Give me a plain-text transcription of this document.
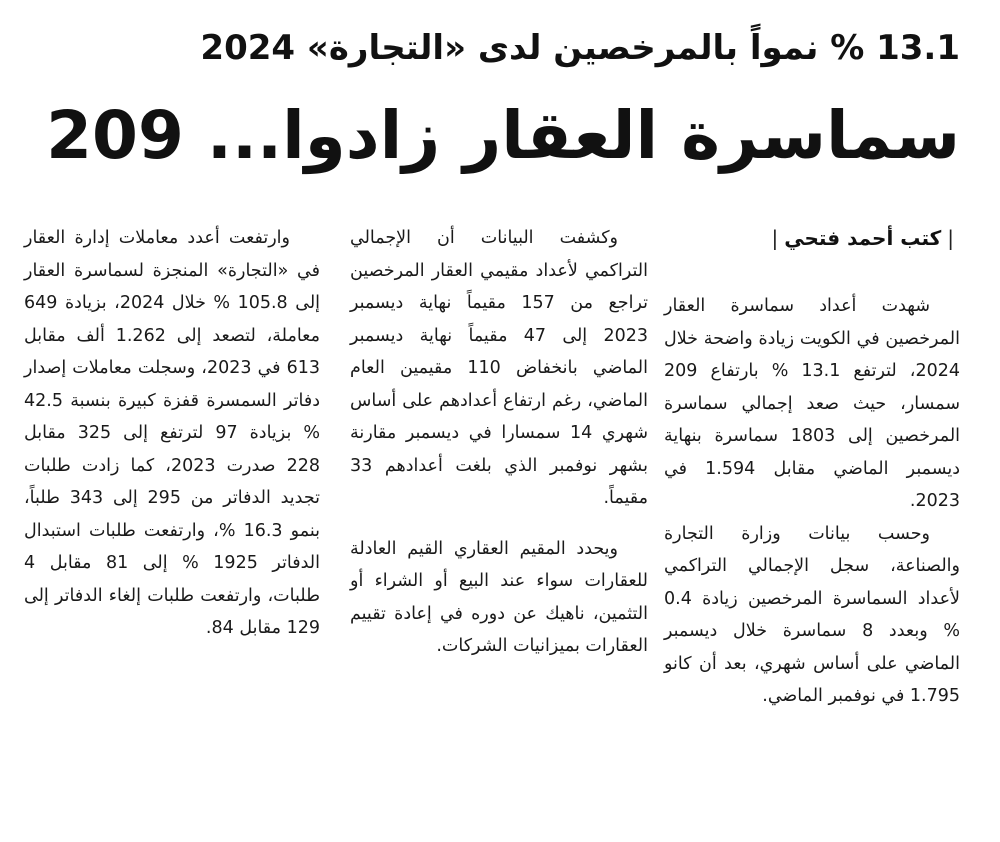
13.1 % نمواً بالمرخصين لدى «التجارة» 2024
سماسرة العقار زادوا... 209
|كتب أحمد فتحي|

شهدت أعداد سماسرة العقار المرخصين في الكويت زيادة واضحة خلال 2024، لترتفع 13.1 % بارتفاع 209 سمسار، حيث صعد إجمالي سماسرة المرخصين إلى 1803 سماسرة بنهاية ديسمبر الماضي مقابل 1.594 في 2023.

وحسب بيانات وزارة التجارة والصناعة، سجل الإجمالي التراكمي لأعداد السماسرة المرخصين زيادة 0.4 % وبعدد 8 سماسرة خلال ديسمبر الماضي على أساس شهري، بعد أن كانو 1.795 في نوفمبر الماضي.

وكشفت البيانات أن الإجمالي التراكمي لأعداد مقيمي العقار المرخصين تراجع من 157 مقيماً نهاية ديسمبر 2023 إلى 47 مقيماً نهاية ديسمبر الماضي بانخفاض 110 مقيمين العام الماضي، رغم ارتفاع أعدادهم على أساس شهري 14 سمسارا في ديسمبر مقارنة بشهر نوفمبر الذي بلغت أعدادهم 33 مقيماً.

ويحدد المقيم العقاري القيم العادلة للعقارات سواء عند البيع أو الشراء أو التثمين، ناهيك عن دوره في إعادة تقييم العقارات بميزانيات الشركات.

وارتفعت أعدد معاملات إدارة العقار في «التجارة» المنجزة لسماسرة العقار إلى 105.8 % خلال 2024، بزيادة 649 معاملة، لتصعد إلى 1.262 ألف مقابل 613 في 2023، وسجلت معاملات إصدار دفاتر السمسرة قفزة كبيرة بنسبة 42.5 % بزيادة 97 لترتفع إلى 325 مقابل 228 صدرت 2023، كما زادت طلبات تجديد الدفاتر من 295 إلى 343 طلباً، بنمو 16.3 %، وارتفعت طلبات استبدال الدفاتر 1925 % إلى 81 مقابل 4 طلبات، وارتفعت طلبات إلغاء الدفاتر إلى 129 مقابل 84.
